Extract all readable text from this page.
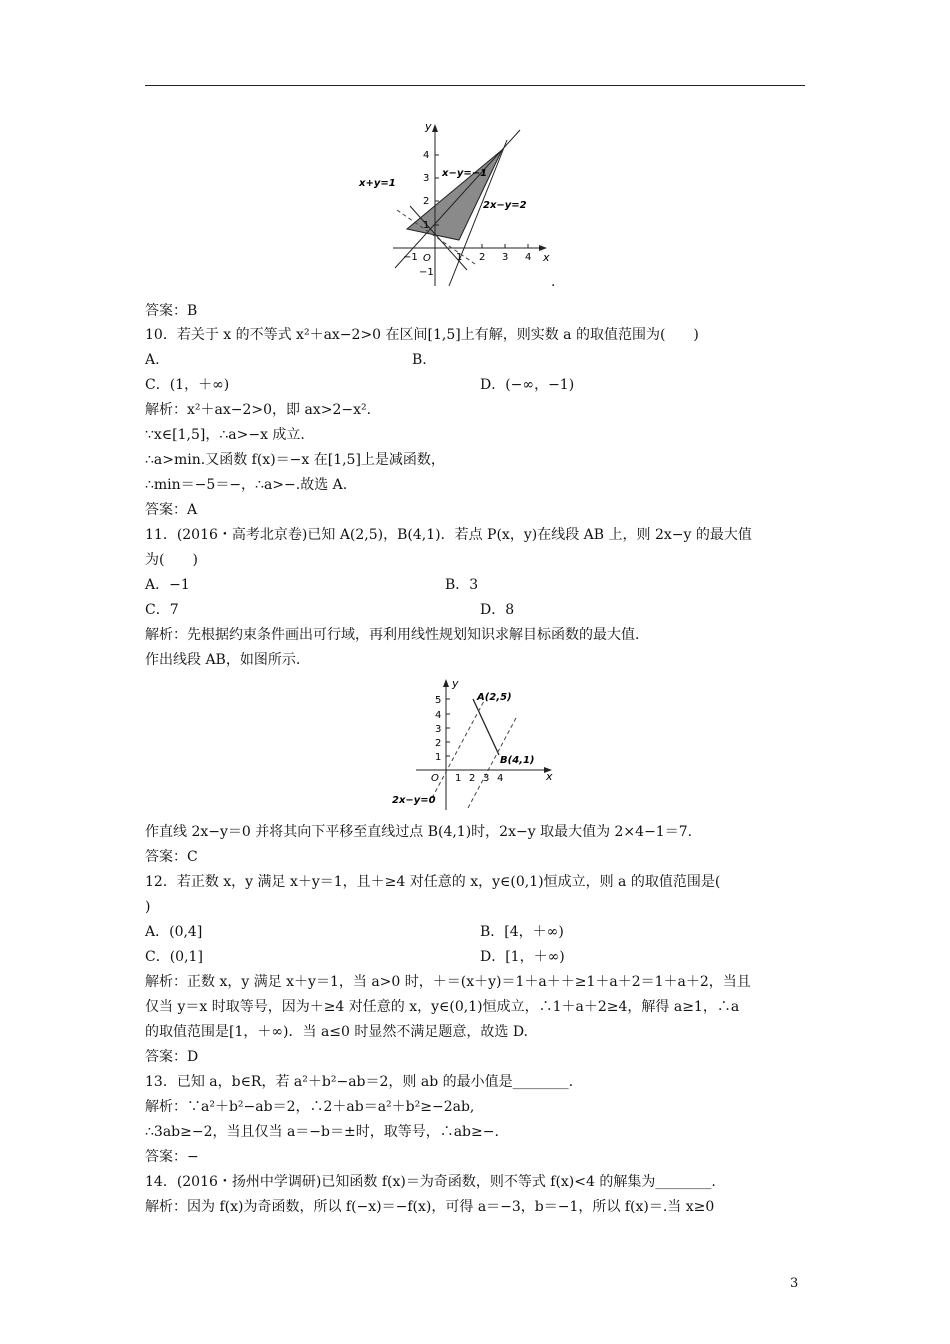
y
x
O
4
3
2
1
−1
−1	1 2 3 4
x+y=1
x−y=−1
2x−y=2
.
答案：B
10．若关于 x 的不等式 x²＋ax−2>0 在区间[1,5]上有解，则实数 a 的取值范围为(　　)
A.	B.
C．(1，＋∞)	D．(−∞，−1)
解析：x²＋ax−2>0，即 ax>2−x².
∵x∈[1,5]，∴a>−x 成立.
∴a>min.又函数 f(x)＝−x 在[1,5]上是减函数，
∴min＝−5＝−，∴a>−.故选 A.
答案：A
11．(2016・高考北京卷)已知 A(2,5)，B(4,1)．若点 P(x，y)在线段 AB 上，则 2x−y 的最大值
为(　　)
A．−1	B．3
C．7	D．8
解析：先根据约束条件画出可行域，再利用线性规划知识求解目标函数的最大值.
作出线段 AB，如图所示.
y
x
O
5
4
3
2
1
1 2 3 4
A(2,5)
B(4,1)
2x−y=0
作直线 2x−y＝0 并将其向下平移至直线过点 B(4,1)时，2x−y 取最大值为 2×4−1＝7.
答案：C
12．若正数 x，y 满足 x＋y＝1，且＋≥4 对任意的 x，y∈(0,1)恒成立，则 a 的取值范围是(
)
A．(0,4]	B．[4，＋∞)
C．(0,1]	D．[1，＋∞)
解析：正数 x，y 满足 x＋y＝1，当 a>0 时，＋＝(x＋y)＝1＋a＋＋≥1＋a＋2＝1＋a＋2，当且
仅当 y＝x 时取等号，因为＋≥4 对任意的 x，y∈(0,1)恒成立，∴1＋a＋2≥4，解得 a≥1，∴a
的取值范围是[1，＋∞)．当 a≤0 时显然不满足题意，故选 D.
答案：D
13．已知 a，b∈R，若 a²＋b²−ab＝2，则 ab 的最小值是________.
解析：∵a²＋b²−ab＝2，∴2＋ab＝a²＋b²≥−2ab,
∴3ab≥−2，当且仅当 a＝−b＝±时，取等号，∴ab≥−.
答案：−
14．(2016・扬州中学调研)已知函数 f(x)＝为奇函数，则不等式 f(x)<4 的解集为________.
解析：因为 f(x)为奇函数，所以 f(−x)＝−f(x)，可得 a＝−3，b＝−1，所以 f(x)＝.当 x≥0
3
